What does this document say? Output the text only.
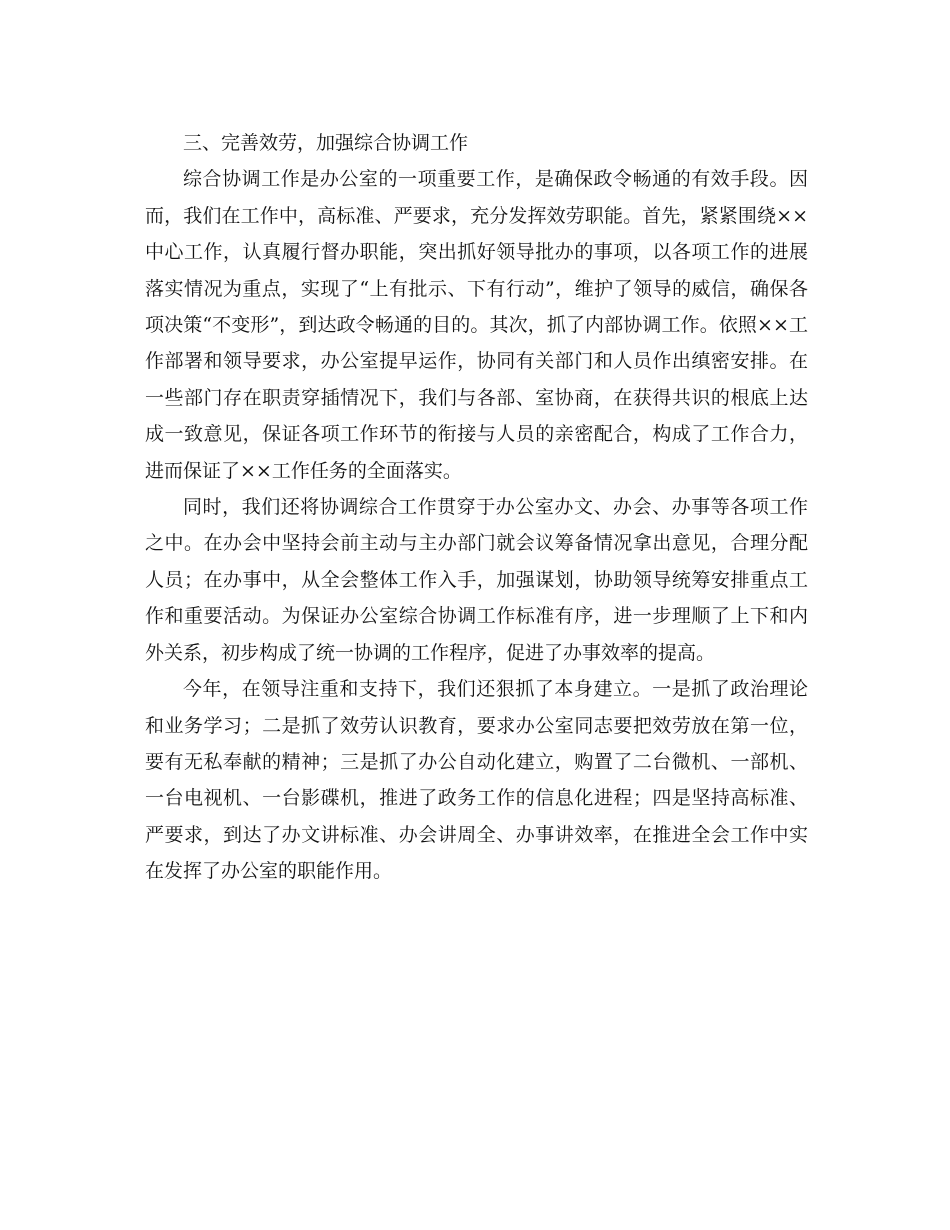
三、完善效劳，加强综合协调工作

综合协调工作是办公室的一项重要工作，是确保政令畅通的有效手段。因而，我们在工作中，高标准、严要求，充分发挥效劳职能。首先，紧紧围绕××中心工作，认真履行督办职能，突出抓好领导批办的事项，以各项工作的进展落实情况为重点，实现了“上有批示、下有行动”，维护了领导的威信，确保各项决策“不变形”，到达政令畅通的目的。其次，抓了内部协调工作。依照××工作部署和领导要求，办公室提早运作，协同有关部门和人员作出缜密安排。在一些部门存在职责穿插情况下，我们与各部、室协商，在获得共识的根底上达成一致意见，保证各项工作环节的衔接与人员的亲密配合，构成了工作合力，进而保证了××工作任务的全面落实。

同时，我们还将协调综合工作贯穿于办公室办文、办会、办事等各项工作之中。在办会中坚持会前主动与主办部门就会议筹备情况拿出意见，合理分配人员；在办事中，从全会整体工作入手，加强谋划，协助领导统筹安排重点工作和重要活动。为保证办公室综合协调工作标准有序，进一步理顺了上下和内外关系，初步构成了统一协调的工作程序，促进了办事效率的提高。

今年，在领导注重和支持下，我们还狠抓了本身建立。一是抓了政治理论和业务学习；二是抓了效劳认识教育，要求办公室同志要把效劳放在第一位，要有无私奉献的精神；三是抓了办公自动化建立，购置了二台微机、一部机、一台电视机、一台影碟机，推进了政务工作的信息化进程；四是坚持高标准、严要求，到达了办文讲标准、办会讲周全、办事讲效率，在推进全会工作中实在发挥了办公室的职能作用。
